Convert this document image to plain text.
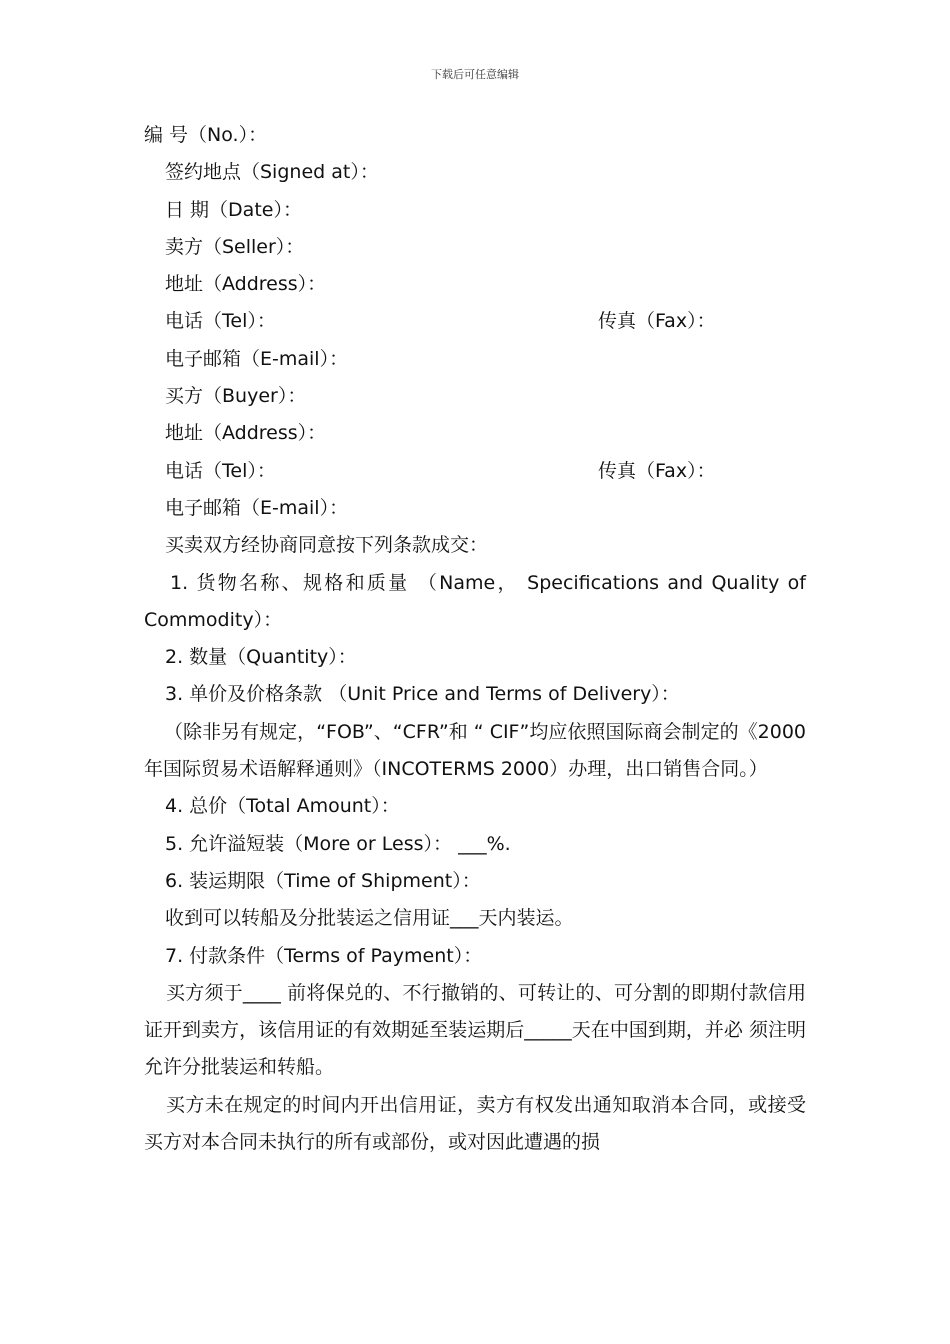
下载后可任意编辑
编 号（No.）：
签约地点（Signed at）：
日 期（Date）：
卖方（Seller）：
地址（Address）：
电话（Tel）：	传真（Fax）：
电子邮箱（E-mail）：
买方（Buyer）：
地址（Address）：
电话（Tel）：	传真（Fax）：
电子邮箱（E-mail）：
买卖双方经协商同意按下列条款成交：
1. 货物名称、规格和质量 （Name， Specifications and Quality of
Commodity）：
2. 数量（Quantity）：
3. 单价及价格条款 （Unit Price and Terms of Delivery）：
（除非另有规定，“FOB”、“CFR”和 “ CIF”均应依照国际商会制定的《2000 年国际贸易术语解释通则》（INCOTERMS 2000）办理，出口销售合同。）
4. 总价（Total Amount）：
5. 允许溢短装（More or Less）： ___%.
6. 装运期限（Time of Shipment）：
收到可以转船及分批装运之信用证___天内装运。
7. 付款条件（Terms of Payment）：
买方须于____ 前将保兑的、不行撤销的、可转让的、可分割的即期付款信用证开到卖方，该信用证的有效期延至装运期后_____天在中国到期，并必 须注明允许分批装运和转船。
买方未在规定的时间内开出信用证，卖方有权发出通知取消本合同，或接受 买方对本合同未执行的所有或部份，或对因此遭遇的损
